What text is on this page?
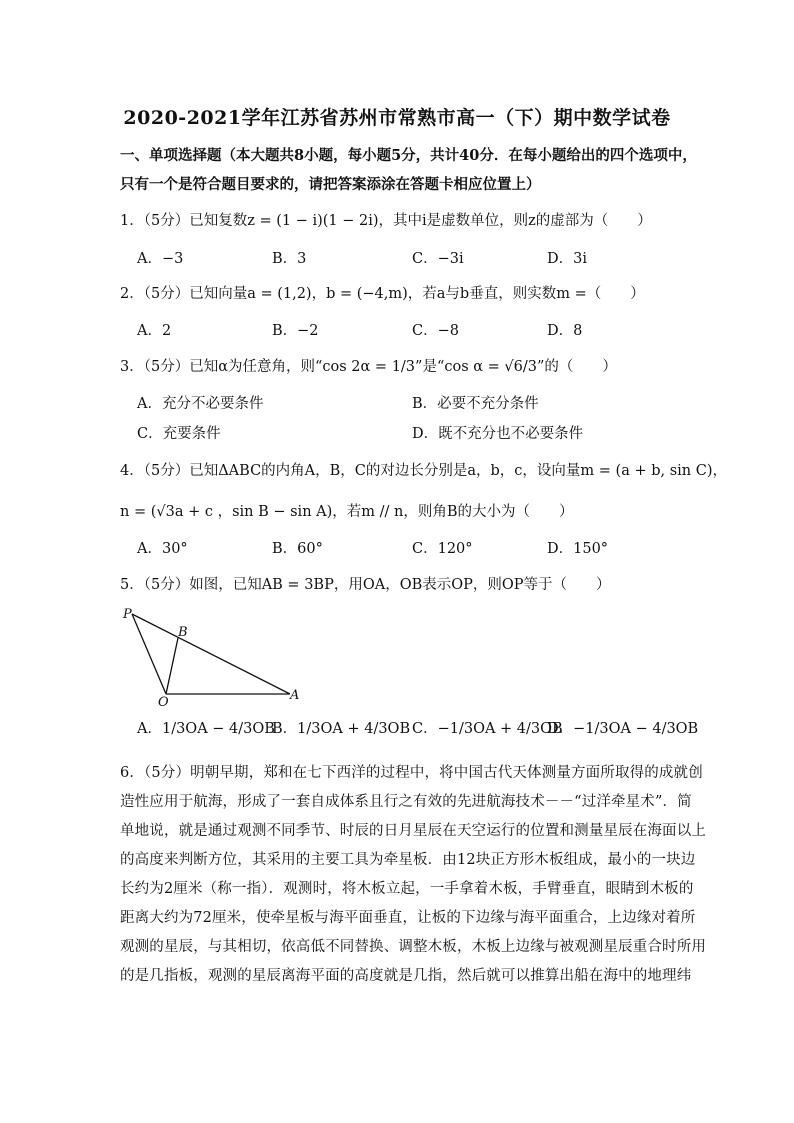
2020-2021学年江苏省苏州市常熟市高一（下）期中数学试卷
一、单项选择题（本大题共8小题，每小题5分，共计40分．在每小题给出的四个选项中，
只有一个是符合题目要求的，请把答案添涂在答题卡相应位置上）
1．（5分）已知复数z = (1 − i)(1 − 2i)，其中i是虚数单位，则z的虚部为（　　）
A．−3	B．3	C．−3i	D．3i
2．（5分）已知向量a = (1,2)，b = (−4,m)，若a与b垂直，则实数m =（　　）
A．2	B．−2	C．−8	D．8
3．（5分）已知α为任意角，则“cos 2α = 1/3”是“cos α = √6/3”的（　　）
A．充分不必要条件	B．必要不充分条件
C．充要条件	D．既不充分也不必要条件
4．（5分）已知ΔABC的内角A，B，C的对边长分别是a，b，c，设向量m = (a + b, sin C)，
n = (√3a + c ，sin B − sin A)，若m // n，则角B的大小为（　　）
A．30°	B．60°	C．120°	D．150°
5．（5分）如图，已知AB = 3BP，用OA，OB表示OP，则OP等于（　　）
P
B
O	A
A．1/3OA − 4/3OB
B．1/3OA + 4/3OB C．−1/3OA + 4/3OB
D．−1/3OA − 4/3OB
6．（5分）明朝早期，郑和在七下西洋的过程中，将中国古代天体测量方面所取得的成就创
造性应用于航海，形成了一套自成体系且行之有效的先进航海技术－－“过洋牵星术”．简
单地说，就是通过观测不同季节、时辰的日月星辰在天空运行的位置和测量星辰在海面以上
的高度来判断方位，其采用的主要工具为牵星板．由12块正方形木板组成，最小的一块边
长约为2厘米（称一指）．观测时，将木板立起，一手拿着木板，手臂垂直，眼睛到木板的
距离大约为72厘米，使牵星板与海平面垂直，让板的下边缘与海平面重合，上边缘对着所
观测的星辰，与其相切，依高低不同替换、调整木板，木板上边缘与被观测星辰重合时所用
的是几指板，观测的星辰离海平面的高度就是几指，然后就可以推算出船在海中的地理纬
